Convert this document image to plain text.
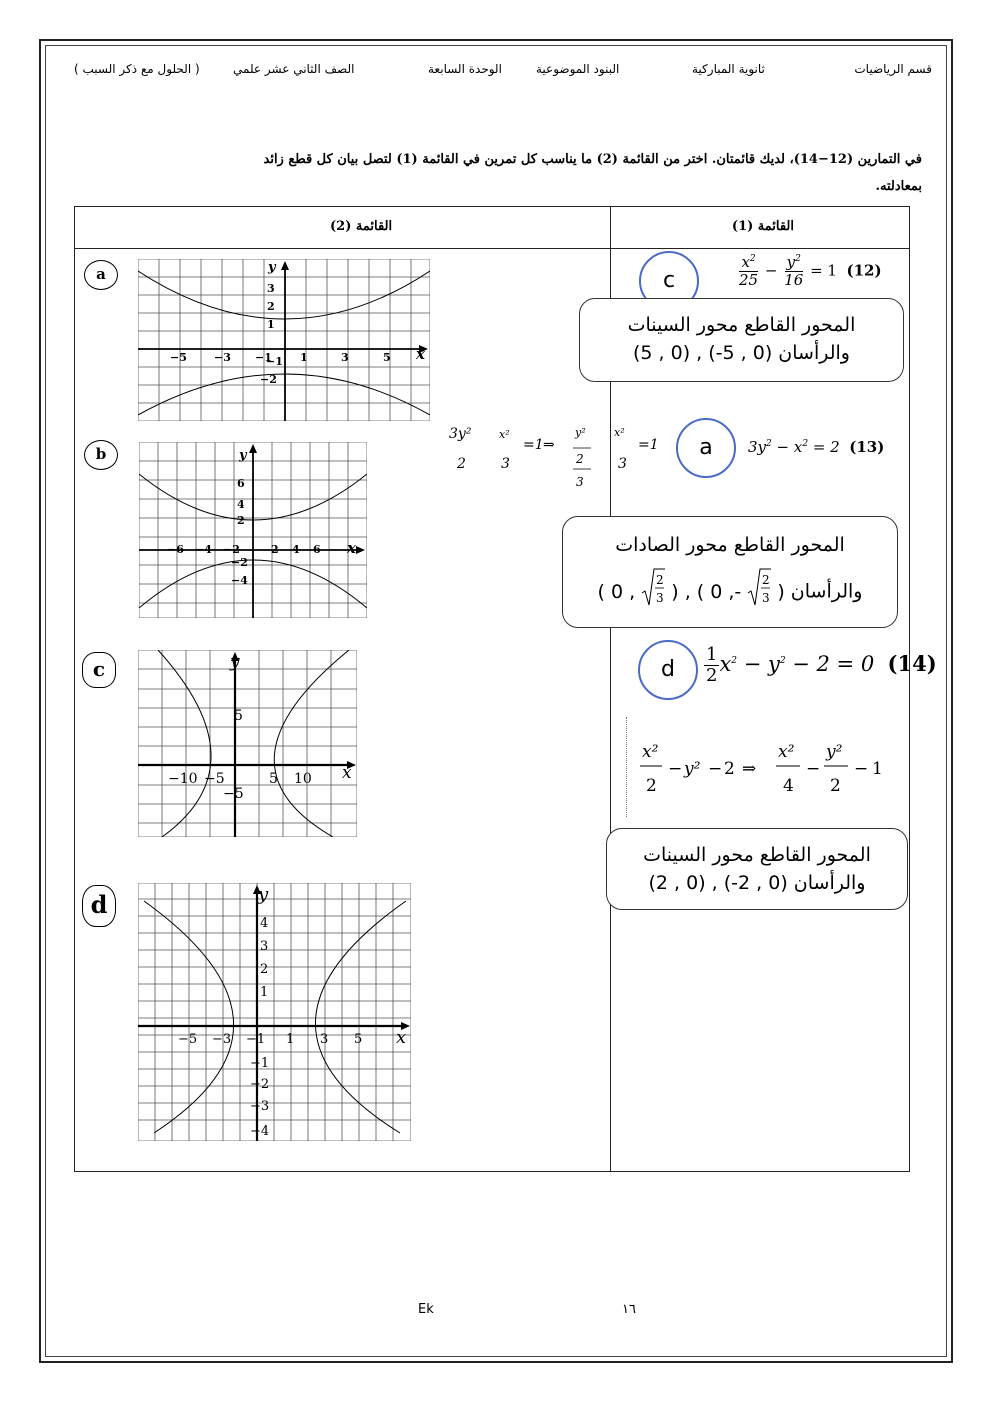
قسم الرياضيات
ثانوية المباركية
البنود الموضوعية
الوحدة السابعة
الصف الثاني عشر علمي
( الحلول مع ذكر السبب )
في التمارين (12−14)، لديك قائمتان. اختر من القائمة (2) ما يناسب كل تمرين في القائمة (1) لتصل بيان كل قطع زائد
بمعادلته.
القائمة (1)
القائمة (2)
a
b
c
d
−5 −3 −1	1	3	5
3
2
1
−1
−2
y
x
−6 −4 −2	2 4 6
6
4
2
−2
−4
y
x
−10 −5	5 10
5
−5
y
x
−5 −3 −1 1 3 5
4
3
2
1
−1
−2
−3
−4
y
x
$\frac{x^2}{25} - \frac{y^2}{16} = 1$  (12)
c
المحور القاطع محور السينات
والرأسان (0 , 5-) , (0 , 5)
3y²
2
x²
3
=1 ⇒
y²
2
3
x²
3
=1	a	$3y^2 - x^2 = 2$  (13)
المحور القاطع محور الصادات
والرأسان ( 0 ,
2
3 ) , ( 0 ,-
2
3 )
d	$\frac{1}{2} x^2 - y^2 - 2 = 0$  (14)
x²
2
− y² − 2 ⇒
x²
4
−
y²
2
− 1
المحور القاطع محور السينات
والرأسان (0 , 2-) , (0 , 2)
Ek	١٦
